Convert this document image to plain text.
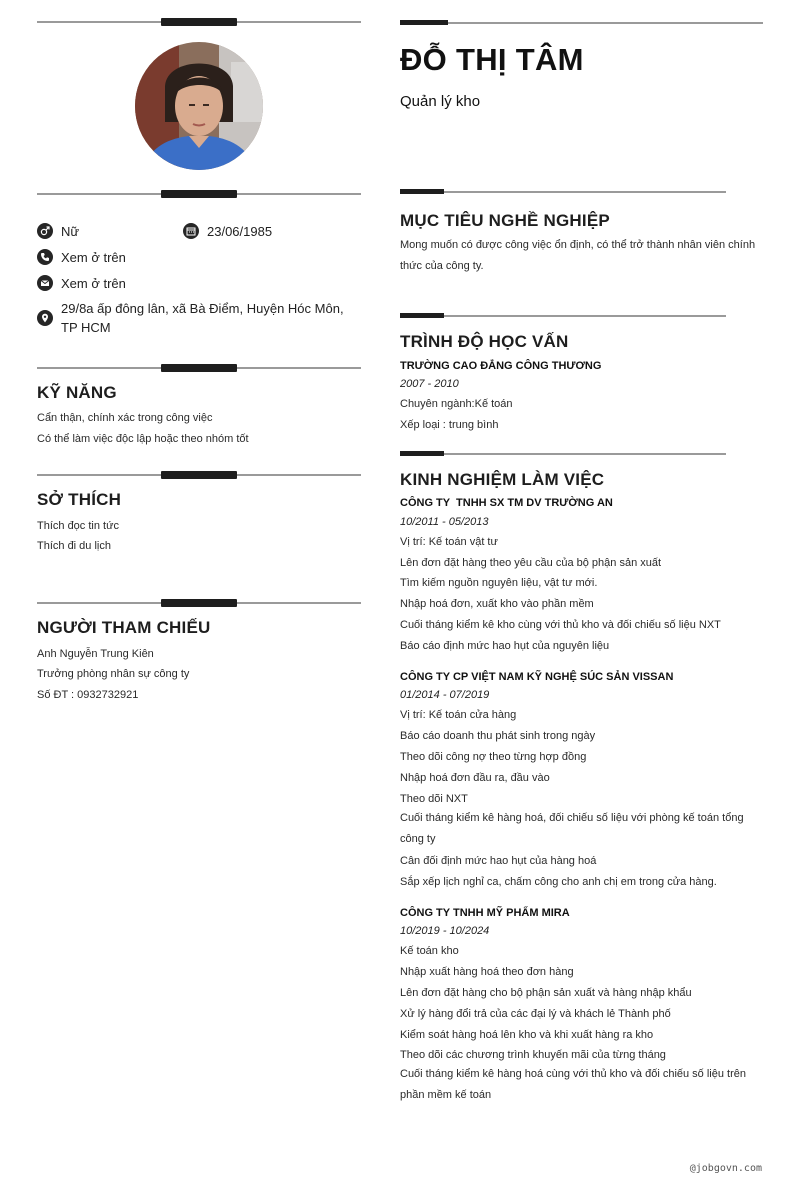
Nữ	23/06/1985
Xem ở trên
Xem ở trên
29/8a ấp đông lân, xã Bà Điểm, Huyện Hóc Môn, TP HCM
KỸ NĂNG
Cẩn thận, chính xác trong công việc
Có thể làm việc độc lập hoặc theo nhóm tốt
SỞ THÍCH
Thích đọc tin tức
Thích đi du lịch
NGƯỜI THAM CHIẾU
Anh Nguyễn Trung Kiên
Trưởng phòng nhân sự công ty
Số ĐT : 0932732921
ĐỖ THỊ TÂM
Quản lý kho
MỤC TIÊU NGHỀ NGHIỆP
Mong muốn có được công việc ổn định, có thể trở thành nhân viên chính thức của công ty.
TRÌNH ĐỘ HỌC VẤN
TRƯỜNG CAO ĐẲNG CÔNG THƯƠNG
2007 - 2010
Chuyên ngành:Kế toán
Xếp loại : trung bình
KINH NGHIỆM LÀM VIỆC
CÔNG TY  TNHH SX TM DV TRƯỜNG AN
10/2011 - 05/2013
Vị trí: Kế toán vật tư
Lên đơn đặt hàng theo yêu cầu của bộ phận sản xuất
Tìm kiếm nguồn nguyên liệu, vật tư mới.
Nhập hoá đơn, xuất kho vào phần mềm
Cuối tháng kiểm kê kho cùng với thủ kho và đối chiếu số liệu NXT
Báo cáo định mức hao hụt của nguyên liệu
CÔNG TY CP VIỆT NAM KỸ NGHỆ SÚC SẢN VISSAN
01/2014 - 07/2019
Vị trí: Kế toán cửa hàng
Báo cáo doanh thu phát sinh trong ngày
Theo dõi công nợ theo từng hợp đồng
Nhập hoá đơn đầu ra, đầu vào
Theo dõi NXT
Cuối tháng kiểm kê hàng hoá, đối chiếu số liệu với phòng kế toán tổng công ty
Cân đối định mức hao hụt của hàng hoá
Sắp xếp lịch nghỉ ca, chấm công cho anh chị em trong cửa hàng.
CÔNG TY TNHH MỸ PHẨM MIRA
10/2019 - 10/2024
Kế toán kho
Nhập xuất hàng hoá theo đơn hàng
Lên đơn đặt hàng cho bộ phận sản xuất và hàng nhập khẩu
Xử lý hàng đổi trả của các đại lý và khách lẻ Thành phố
Kiểm soát hàng hoá lên kho và khi xuất hàng ra kho
Theo dõi các chương trình khuyến mãi của từng tháng
Cuối tháng kiểm kê hàng hoá cùng với thủ kho và đối chiếu số liệu trên phần mềm kế toán
@jobgovn.com
